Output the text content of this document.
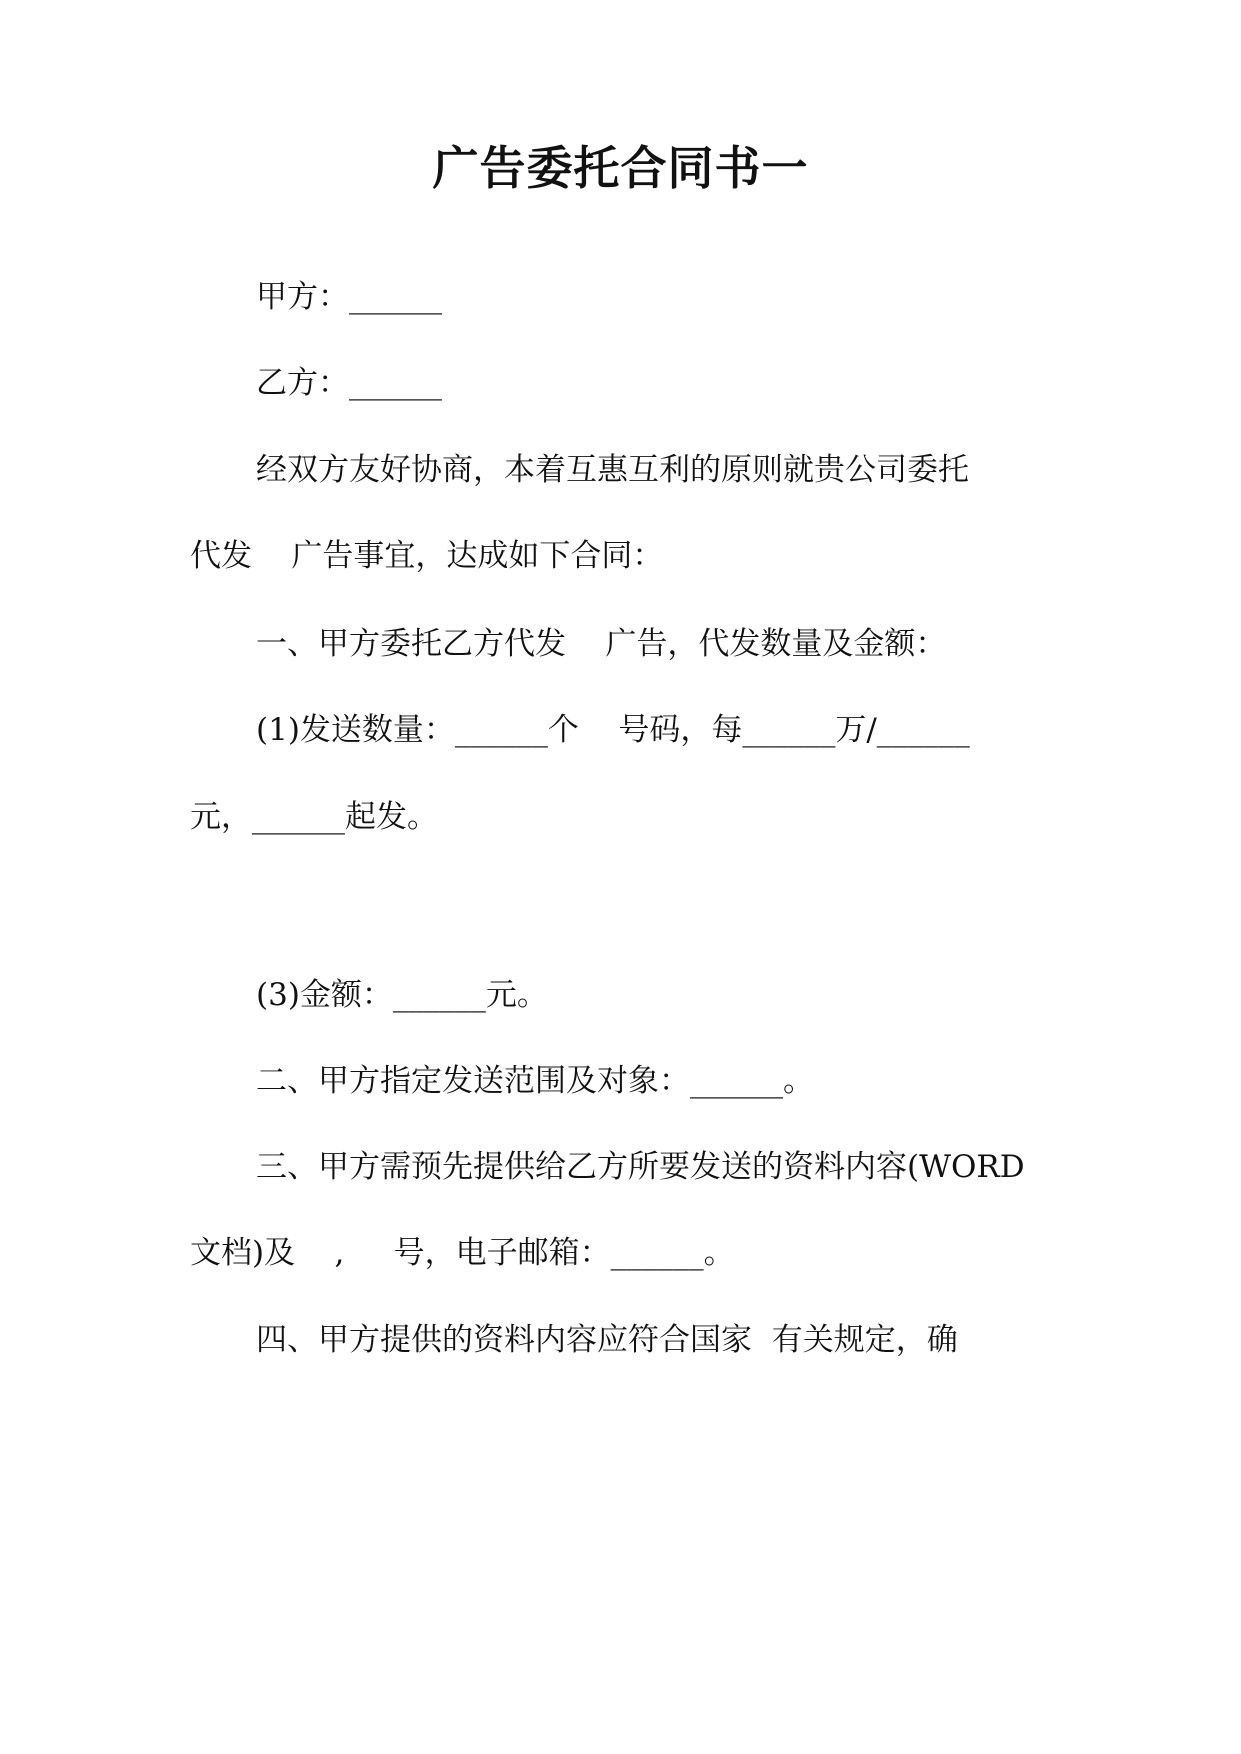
广告委托合同书一

甲方：______

乙方：______

经双方友好协商，本着互惠互利的原则就贵公司委托

代发    广告事宜，达成如下合同：

一、甲方委托乙方代发    广告，代发数量及金额：

(1)发送数量：______个    号码，每______万/______

元，______起发。

(3)金额：______元。

二、甲方指定发送范围及对象：______。

三、甲方需预先提供给乙方所要发送的资料内容(WORD

文档)及    ,     号，电子邮箱：______。

四、甲方提供的资料内容应符合国家  有关规定，确
